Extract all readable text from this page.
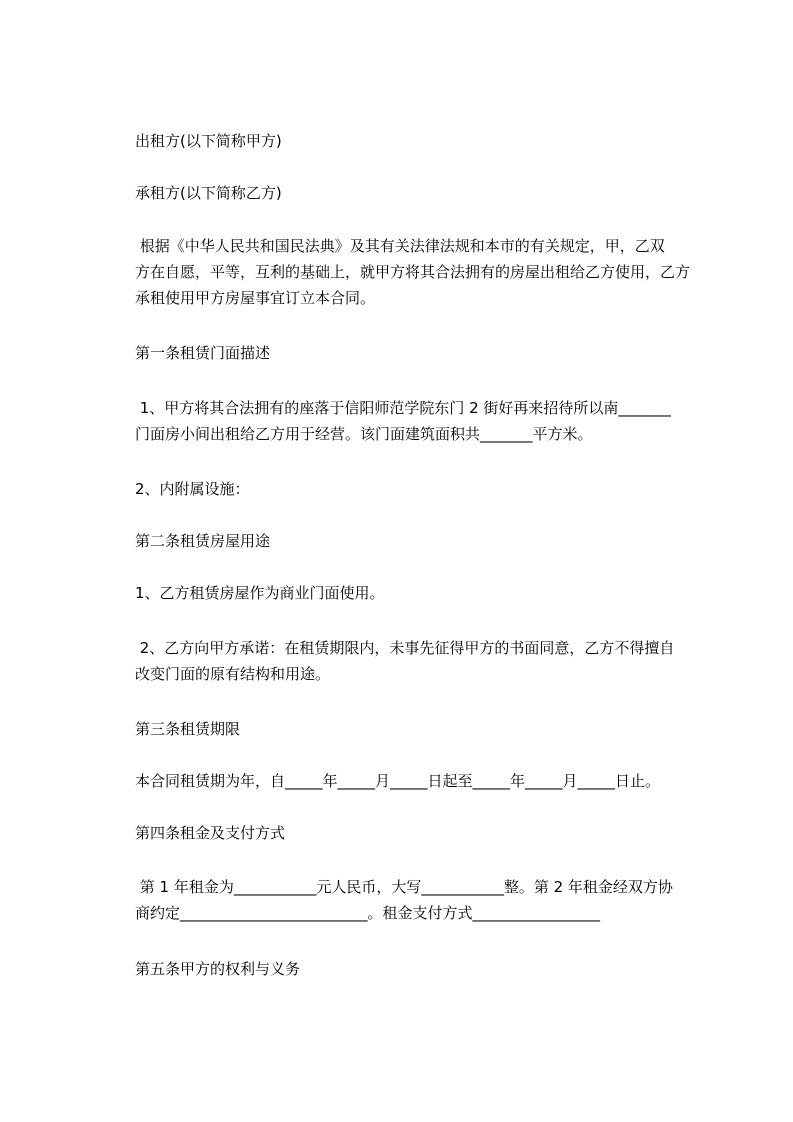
出租方(以下简称甲方)
承租方(以下简称乙方)
根据《中华人民共和国民法典》及其有关法律法规和本市的有关规定，甲，乙双
方在自愿，平等，互利的基础上，就甲方将其合法拥有的房屋出租给乙方使用，乙方
承租使用甲方房屋事宜订立本合同。
第一条租赁门面描述
1、甲方将其合法拥有的座落于信阳师范学院东门 2 街好再来招待所以南_______
门面房小间出租给乙方用于经营。该门面建筑面积共_______平方米。
2、内附属设施：
第二条租赁房屋用途
1、乙方租赁房屋作为商业门面使用。
2、乙方向甲方承诺：在租赁期限内，未事先征得甲方的书面同意，乙方不得擅自
改变门面的原有结构和用途。
第三条租赁期限
本合同租赁期为年，自_____年_____月_____日起至_____年_____月_____日止。
第四条租金及支付方式
第 1 年租金为___________元人民币，大写___________整。第 2 年租金经双方协
商约定_________________________。租金支付方式_________________
第五条甲方的权利与义务
